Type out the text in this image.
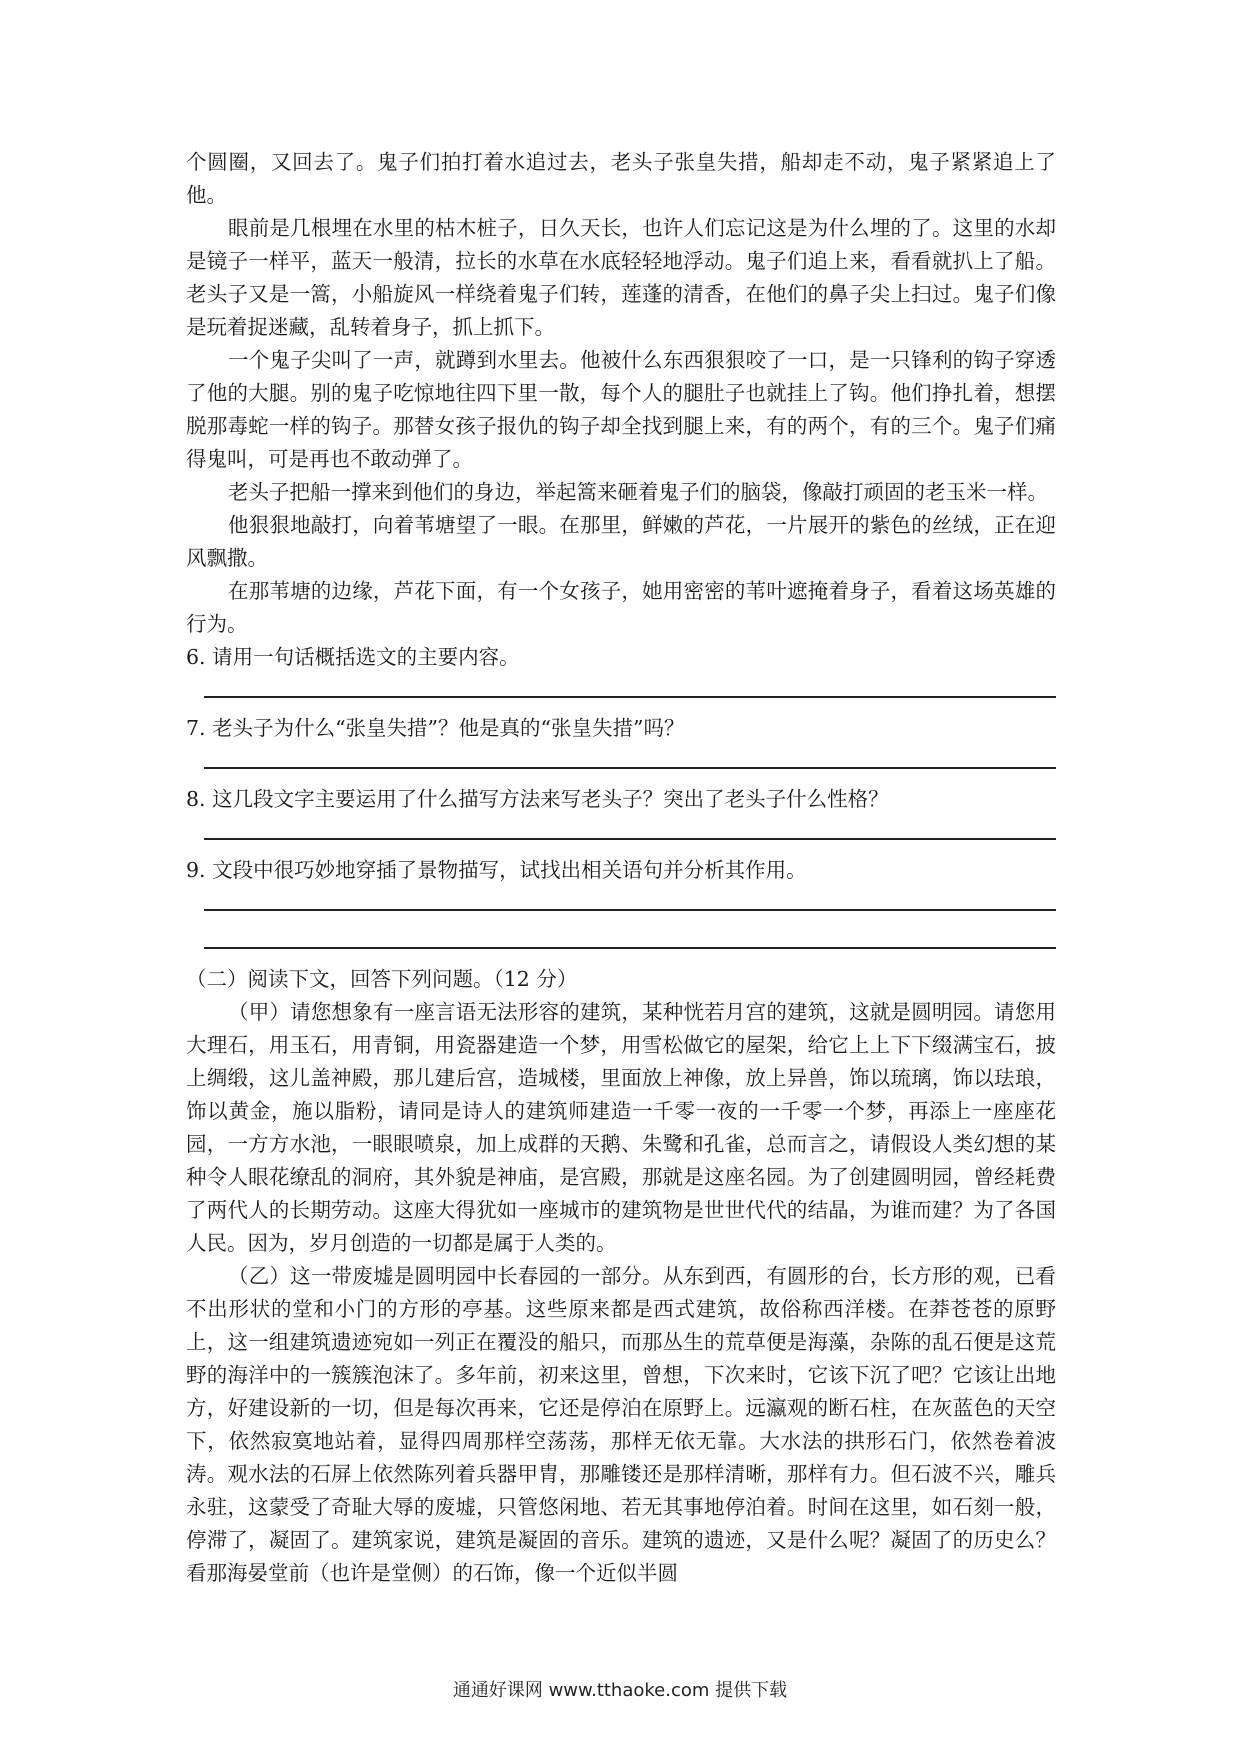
个圆圈，又回去了。鬼子们拍打着水追过去，老头子张皇失措，船却走不动，鬼子紧紧追上了他。

眼前是几根埋在水里的枯木桩子，日久天长，也许人们忘记这是为什么埋的了。这里的水却是镜子一样平，蓝天一般清，拉长的水草在水底轻轻地浮动。鬼子们追上来，看看就扒上了船。老头子又是一篙，小船旋风一样绕着鬼子们转，莲蓬的清香，在他们的鼻子尖上扫过。鬼子们像是玩着捉迷藏，乱转着身子，抓上抓下。

一个鬼子尖叫了一声，就蹲到水里去。他被什么东西狠狠咬了一口，是一只锋利的钩子穿透了他的大腿。别的鬼子吃惊地往四下里一散，每个人的腿肚子也就挂上了钩。他们挣扎着，想摆脱那毒蛇一样的钩子。那替女孩子报仇的钩子却全找到腿上来，有的两个，有的三个。鬼子们痛得鬼叫，可是再也不敢动弹了。

老头子把船一撑来到他们的身边，举起篙来砸着鬼子们的脑袋，像敲打顽固的老玉米一样。

他狠狠地敲打，向着苇塘望了一眼。在那里，鲜嫩的芦花，一片展开的紫色的丝绒，正在迎风飘撒。

在那苇塘的边缘，芦花下面，有一个女孩子，她用密密的苇叶遮掩着身子，看着这场英雄的行为。

6. 请用一句话概括选文的主要内容。

7. 老头子为什么“张皇失措”？他是真的“张皇失措”吗？

8. 这几段文字主要运用了什么描写方法来写老头子？突出了老头子什么性格？

9. 文段中很巧妙地穿插了景物描写，试找出相关语句并分析其作用。

（二）阅读下文，回答下列问题。（12 分）

（甲）请您想象有一座言语无法形容的建筑，某种恍若月宫的建筑，这就是圆明园。请您用大理石，用玉石，用青铜，用瓷器建造一个梦，用雪松做它的屋架，给它上上下下缀满宝石，披上绸缎，这儿盖神殿，那儿建后宫，造城楼，里面放上神像，放上异兽，饰以琉璃，饰以珐琅，饰以黄金，施以脂粉，请同是诗人的建筑师建造一千零一夜的一千零一个梦，再添上一座座花园，一方方水池，一眼眼喷泉，加上成群的天鹅、朱鹭和孔雀，总而言之，请假设人类幻想的某种令人眼花缭乱的洞府，其外貌是神庙，是宫殿，那就是这座名园。为了创建圆明园，曾经耗费了两代人的长期劳动。这座大得犹如一座城市的建筑物是世世代代的结晶，为谁而建？为了各国人民。因为，岁月创造的一切都是属于人类的。

（乙）这一带废墟是圆明园中长春园的一部分。从东到西，有圆形的台，长方形的观，已看不出形状的堂和小门的方形的亭基。这些原来都是西式建筑，故俗称西洋楼。在莽苍苍的原野上，这一组建筑遗迹宛如一列正在覆没的船只，而那丛生的荒草便是海藻，杂陈的乱石便是这荒野的海洋中的一簇簇泡沫了。多年前，初来这里，曾想，下次来时，它该下沉了吧？它该让出地方，好建设新的一切，但是每次再来，它还是停泊在原野上。远瀛观的断石柱，在灰蓝色的天空下，依然寂寞地站着，显得四周那样空荡荡，那样无依无靠。大水法的拱形石门，依然卷着波涛。观水法的石屏上依然陈列着兵器甲胄，那雕镂还是那样清晰，那样有力。但石波不兴，雕兵永驻，这蒙受了奇耻大辱的废墟，只管悠闲地、若无其事地停泊着。时间在这里，如石刻一般，停滞了，凝固了。建筑家说，建筑是凝固的音乐。建筑的遗迹，又是什么呢？凝固了的历史么？看那海晏堂前（也许是堂侧）的石饰，像一个近似半圆

通通好课网 www.tthaoke.com 提供下载
